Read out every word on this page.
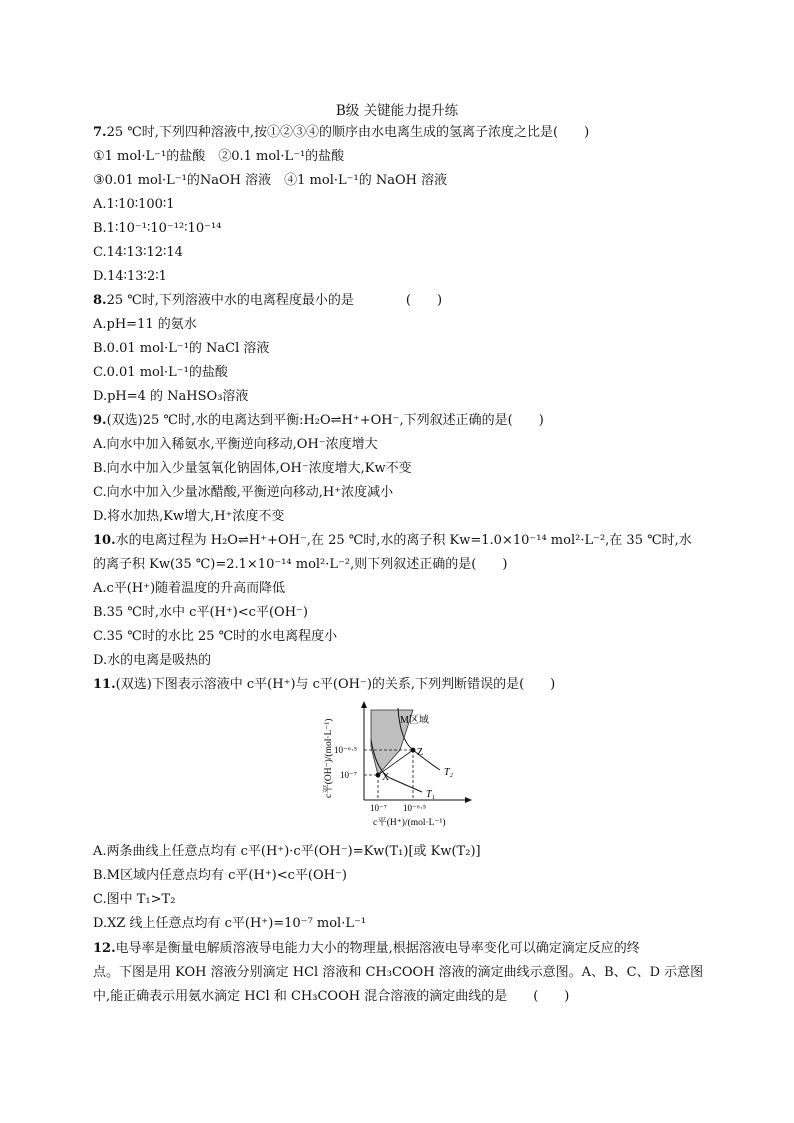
B级 关键能力提升练
7.25 ℃时,下列四种溶液中,按①②③④的顺序由水电离生成的氢离子浓度之比是(　　)
①1 mol·L⁻¹的盐酸　②0.1 mol·L⁻¹的盐酸
③0.01 mol·L⁻¹的NaOH 溶液　④1 mol·L⁻¹的 NaOH 溶液
A.1∶10∶100∶1
B.1∶10⁻¹∶10⁻¹²∶10⁻¹⁴
C.14∶13∶12∶14
D.14∶13∶2∶1
8.25 ℃时,下列溶液中水的电离程度最小的是　　　　(　　)
A.pH=11 的氨水
B.0.01 mol·L⁻¹的 NaCl 溶液
C.0.01 mol·L⁻¹的盐酸
D.pH=4 的 NaHSO₃溶液
9.(双选)25 ℃时,水的电离达到平衡:H₂O⇌H⁺+OH⁻,下列叙述正确的是(　　)
A.向水中加入稀氨水,平衡逆向移动,OH⁻浓度增大
B.向水中加入少量氢氧化钠固体,OH⁻浓度增大,Kw不变
C.向水中加入少量冰醋酸,平衡逆向移动,H⁺浓度减小
D.将水加热,Kw增大,H⁺浓度不变
10.水的电离过程为 H₂O⇌H⁺+OH⁻,在 25 ℃时,水的离子积 Kw=1.0×10⁻¹⁴ mol²·L⁻²,在 35 ℃时,水
的离子积 Kw(35 ℃)=2.1×10⁻¹⁴ mol²·L⁻²,则下列叙述正确的是(　　)
A.c平(H⁺)随着温度的升高而降低
B.35 ℃时,水中 c平(H⁺)<c平(OH⁻)
C.35 ℃时的水比 25 ℃时的水电离程度小
D.水的电离是吸热的
11.(双选)下图表示溶液中 c平(H⁺)与 c平(OH⁻)的关系,下列判断错误的是(　　)
A.两条曲线上任意点均有 c平(H⁺)·c平(OH⁻)=Kw(T₁)[或 Kw(T₂)]
B.M区域内任意点均有 c平(H⁺)<c平(OH⁻)
C.图中 T₁>T₂
D.XZ 线上任意点均有 c平(H⁺)=10⁻⁷ mol·L⁻¹
12.电导率是衡量电解质溶液导电能力大小的物理量,根据溶液电导率变化可以确定滴定反应的终
点。下图是用 KOH 溶液分别滴定 HCl 溶液和 CH₃COOH 溶液的滴定曲线示意图。A、B、C、D 示意图
中,能正确表示用氨水滴定 HCl 和 CH₃COOH 混合溶液的滴定曲线的是　　(　　)
M区域
X
Z
T₁
T₂
10⁻⁶·⁵
10⁻⁷
10⁻⁷ 10⁻⁶·⁵
c平(H⁺)/(mol·L⁻¹)
c平(OH⁻)/(mol·L⁻¹)
